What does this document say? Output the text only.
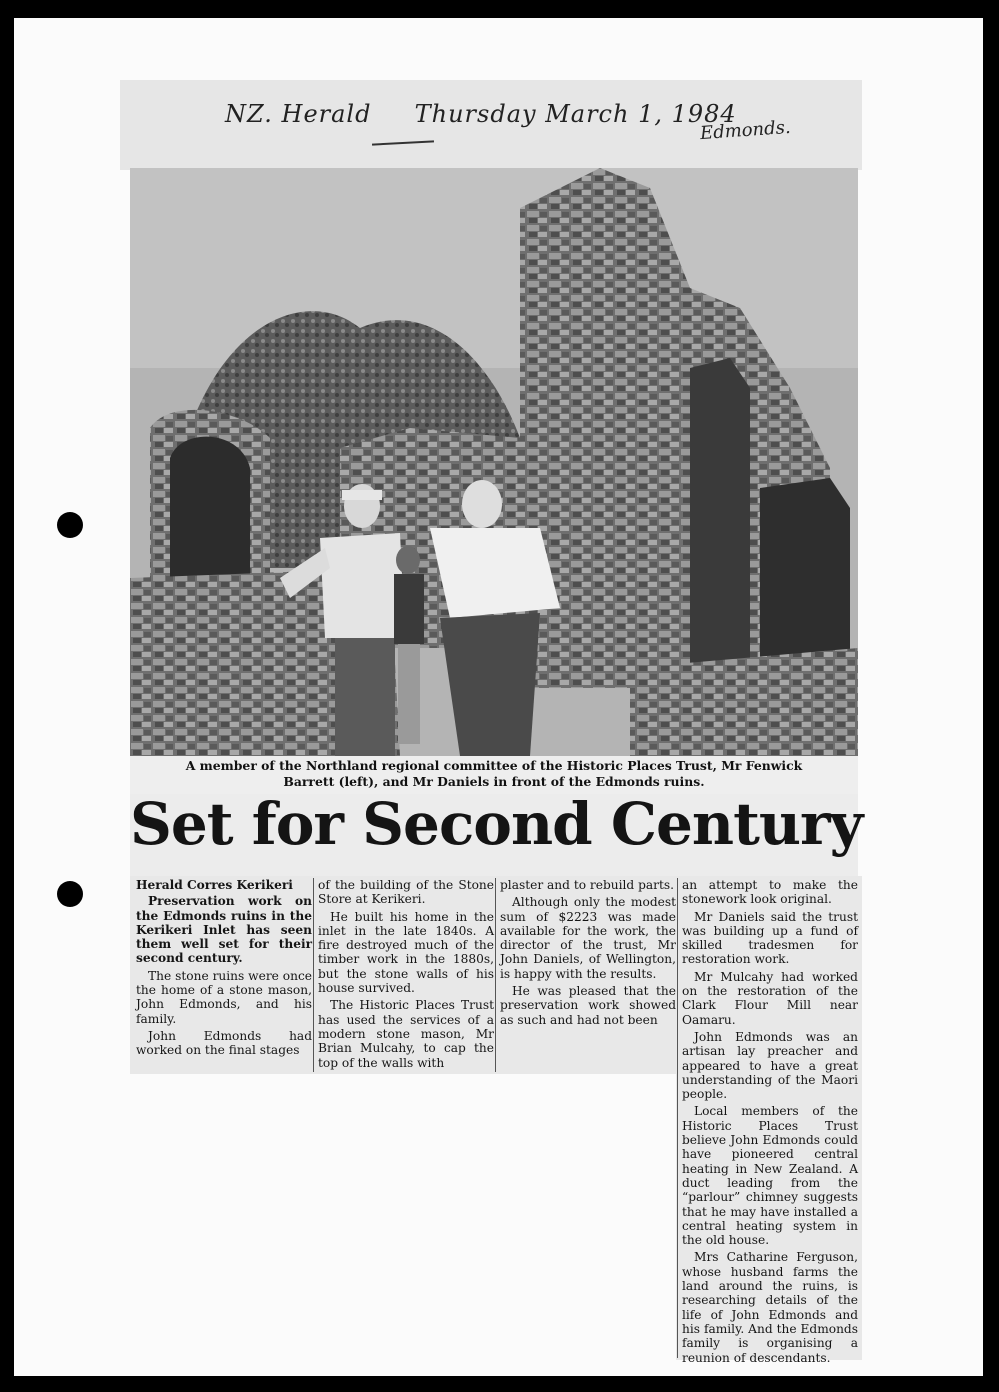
NZ. Herald Thursday March 1, 1984
Edmonds.
A member of the Northland regional committee of the Historic Places Trust, Mr Fenwick
Barrett (left), and Mr Daniels in front of the Edmonds ruins.
Set for Second Century

Herald Corres Kerikeri

Preservation work on the Edmonds ruins in the Kerikeri Inlet has seen them well set for their second century.

The stone ruins were once the home of a stone mason, John Edmonds, and his family.

John Edmonds had worked on the final stages

of the building of the Stone Store at Kerikeri.

He built his home in the inlet in the late 1840s. A fire destroyed much of the timber work in the 1880s, but the stone walls of his house survived.

The Historic Places Trust has used the services of a modern stone mason, Mr Brian Mulcahy, to cap the top of the walls with

plaster and to rebuild parts.

Although only the modest sum of $2223 was made available for the work, the director of the trust, Mr John Daniels, of Wellington, is happy with the results.

He was pleased that the preservation work showed as such and had not been

an attempt to make the stonework look original.

Mr Daniels said the trust was building up a fund of skilled tradesmen for restoration work.

Mr Mulcahy had worked on the restoration of the Clark Flour Mill near Oamaru.

John Edmonds was an artisan lay preacher and appeared to have a great understanding of the Maori people.

Local members of the Historic Places Trust believe John Edmonds could have pioneered central heating in New Zealand. A duct leading from the “parlour” chimney suggests that he may have installed a central heating system in the old house.

Mrs Catharine Ferguson, whose husband farms the land around the ruins, is researching details of the life of John Edmonds and his family. And the Edmonds family is organising a reunion of descendants.
